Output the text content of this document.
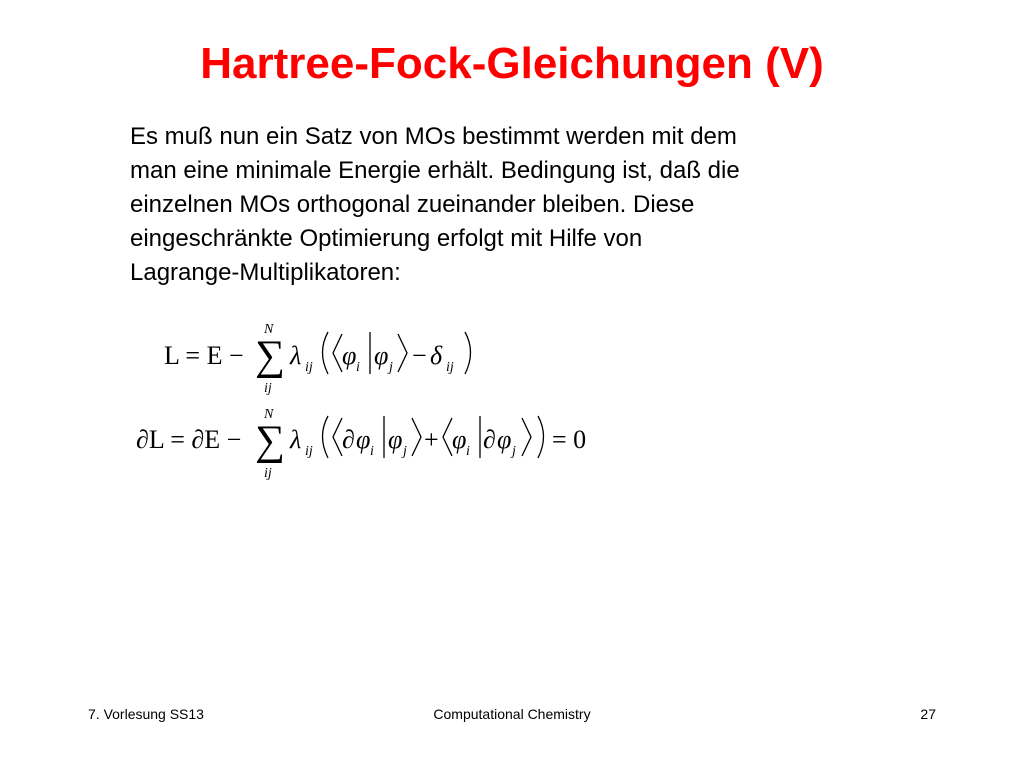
Hartree-Fock-Gleichungen (V)
Es muß nun ein Satz von MOs bestimmt werden mit dem
man eine minimale Energie erhält. Bedingung ist, daß die
einzelnen MOs orthogonal zueinander bleiben. Diese
eingeschränkte Optimierung erfolgt mit Hilfe von
Lagrange-Multiplikatoren:
L = E −
N
∑
ij
λ ij φ i φ j − δ ij
∂L = ∂E −
N
∑
ij
λ ij ∂ φ i φ j + φ i ∂ φ j = 0
7. Vorlesung SS13	Computational Chemistry	27
